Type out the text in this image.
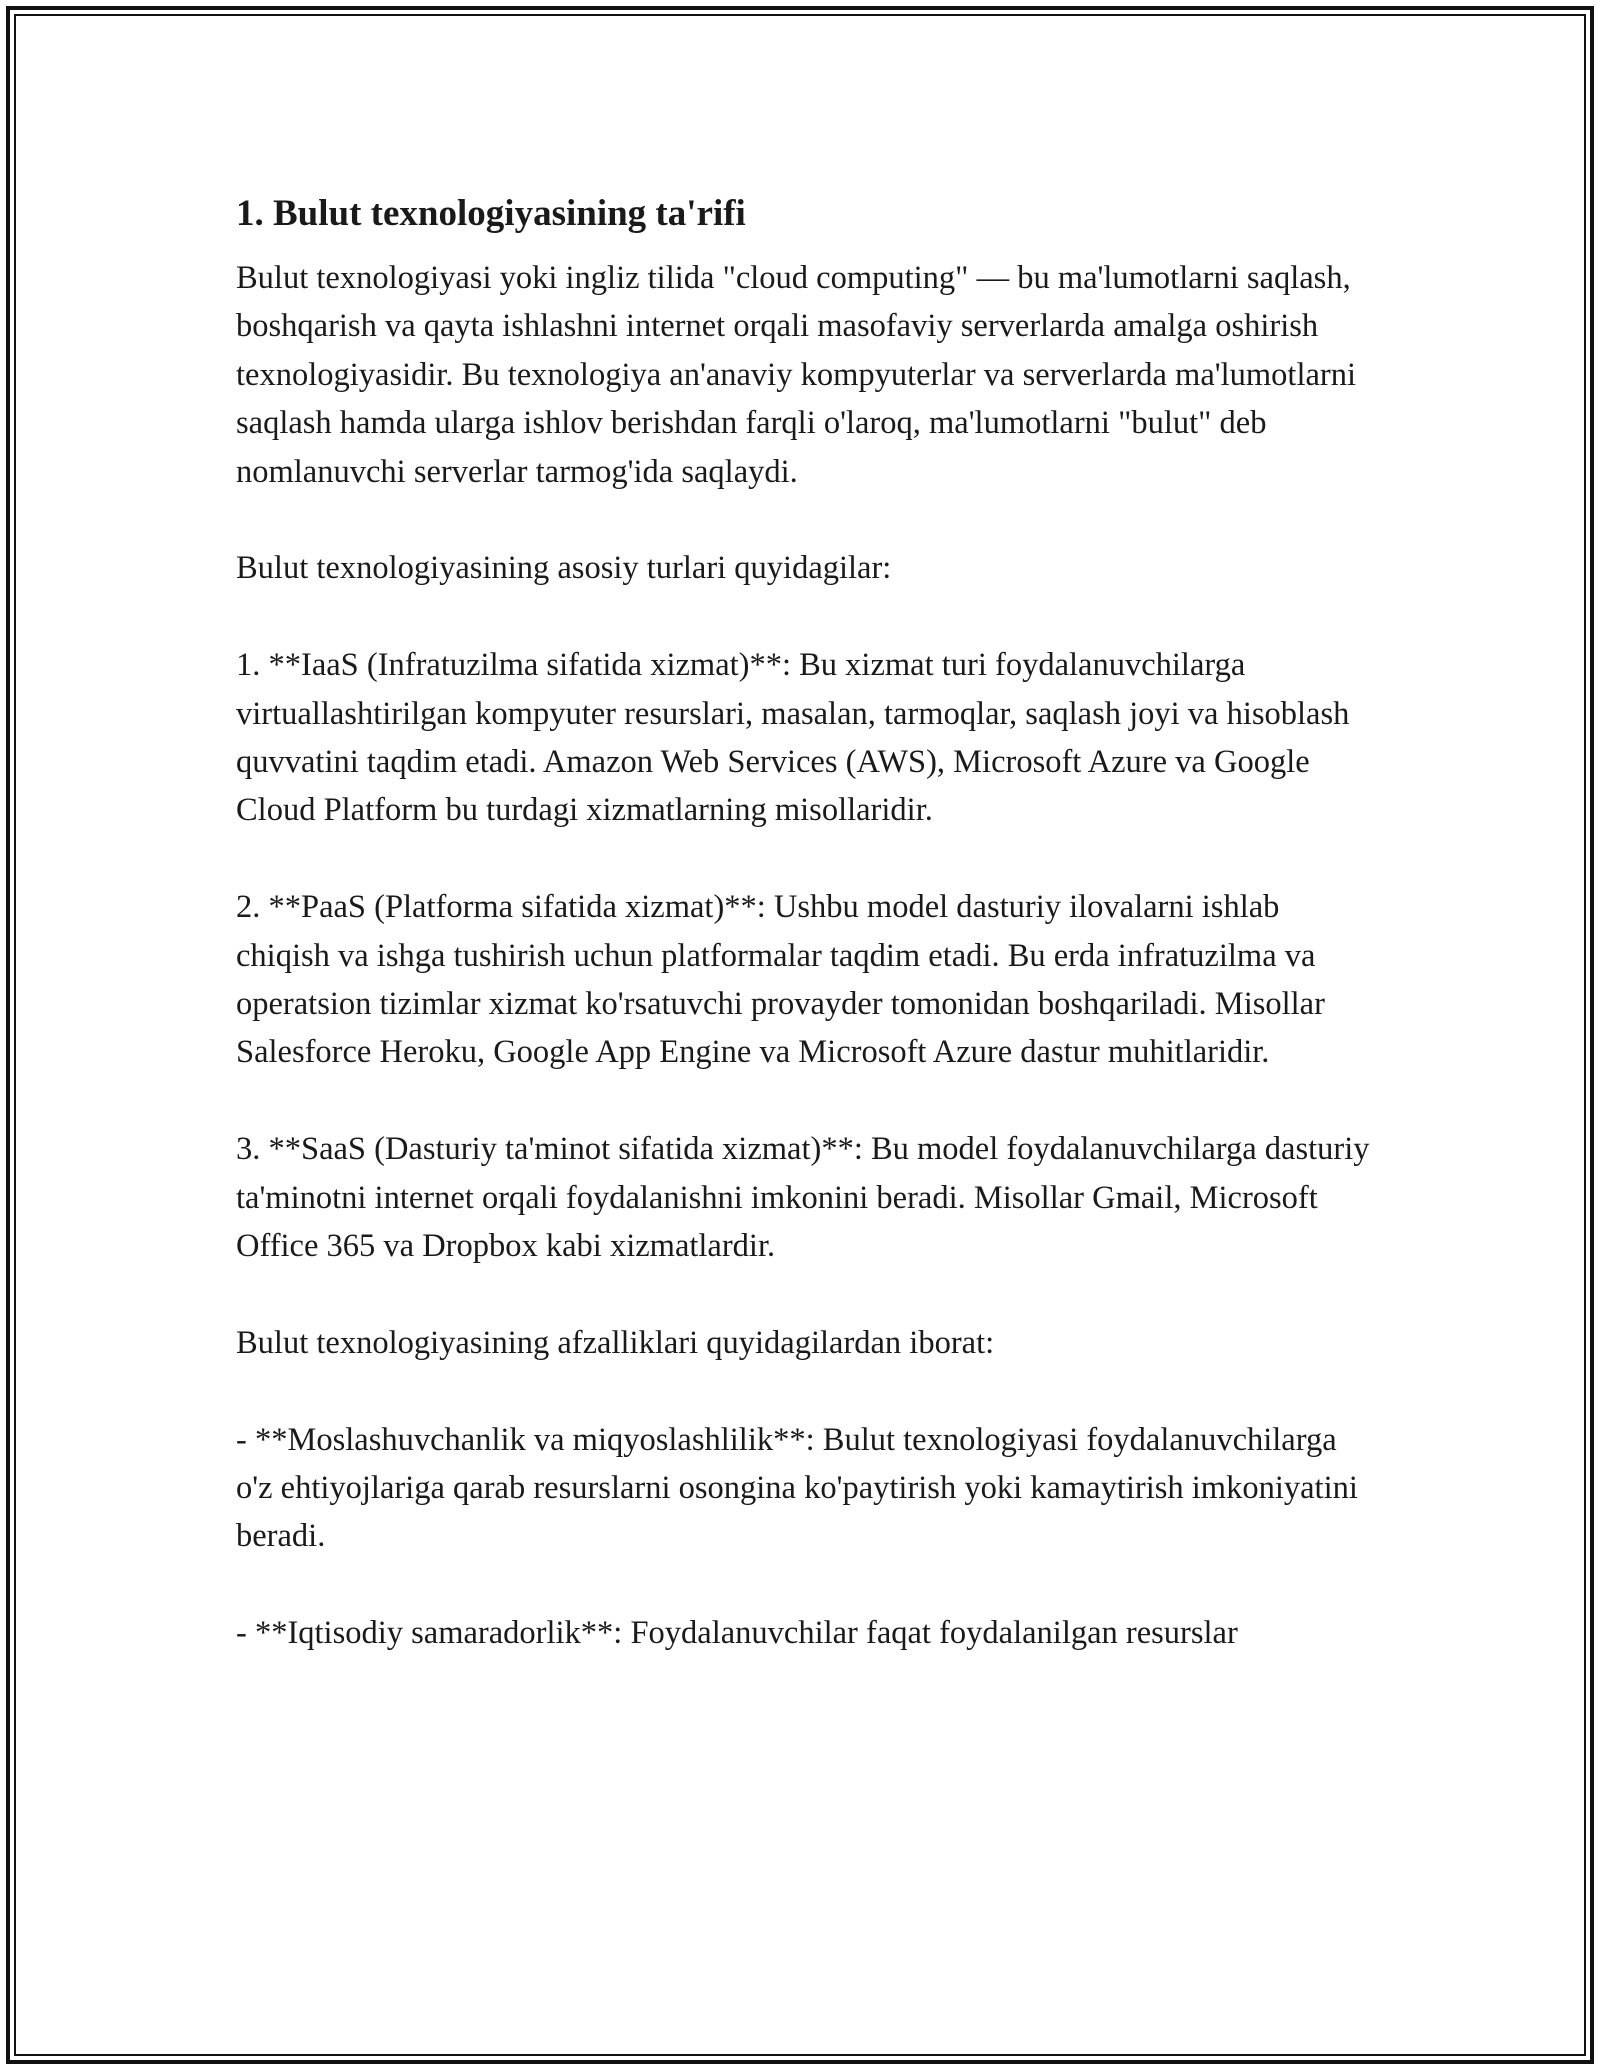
1. Bulut texnologiyasining ta'rifi

Bulut texnologiyasi yoki ingliz tilida "cloud computing" — bu ma'lumotlarni saqlash, boshqarish va qayta ishlashni internet orqali masofaviy serverlarda amalga oshirish texnologiyasidir. Bu texnologiya an'anaviy kompyuterlar va serverlarda ma'lumotlarni saqlash hamda ularga ishlov berishdan farqli o'laroq, ma'lumotlarni "bulut" deb nomlanuvchi serverlar tarmog'ida saqlaydi.

Bulut texnologiyasining asosiy turlari quyidagilar:

1. **IaaS (Infratuzilma sifatida xizmat)**: Bu xizmat turi foydalanuvchilarga virtuallashtirilgan kompyuter resurslari, masalan, tarmoqlar, saqlash joyi va hisoblash quvvatini taqdim etadi. Amazon Web Services (AWS), Microsoft Azure va Google Cloud Platform bu turdagi xizmatlarning misollaridir.

2. **PaaS (Platforma sifatida xizmat)**: Ushbu model dasturiy ilovalarni ishlab chiqish va ishga tushirish uchun platformalar taqdim etadi. Bu erda infratuzilma va operatsion tizimlar xizmat ko'rsatuvchi provayder tomonidan boshqariladi. Misollar Salesforce Heroku, Google App Engine va Microsoft Azure dastur muhitlaridir.

3. **SaaS (Dasturiy ta'minot sifatida xizmat)**: Bu model foydalanuvchilarga dasturiy ta'minotni internet orqali foydalanishni imkonini beradi. Misollar Gmail, Microsoft Office 365 va Dropbox kabi xizmatlardir.

Bulut texnologiyasining afzalliklari quyidagilardan iborat:

- **Moslashuvchanlik va miqyoslashlilik**: Bulut texnologiyasi foydalanuvchilarga o'z ehtiyojlariga qarab resurslarni osongina ko'paytirish yoki kamaytirish imkoniyatini beradi.

- **Iqtisodiy samaradorlik**: Foydalanuvchilar faqat foydalanilgan resurslar
